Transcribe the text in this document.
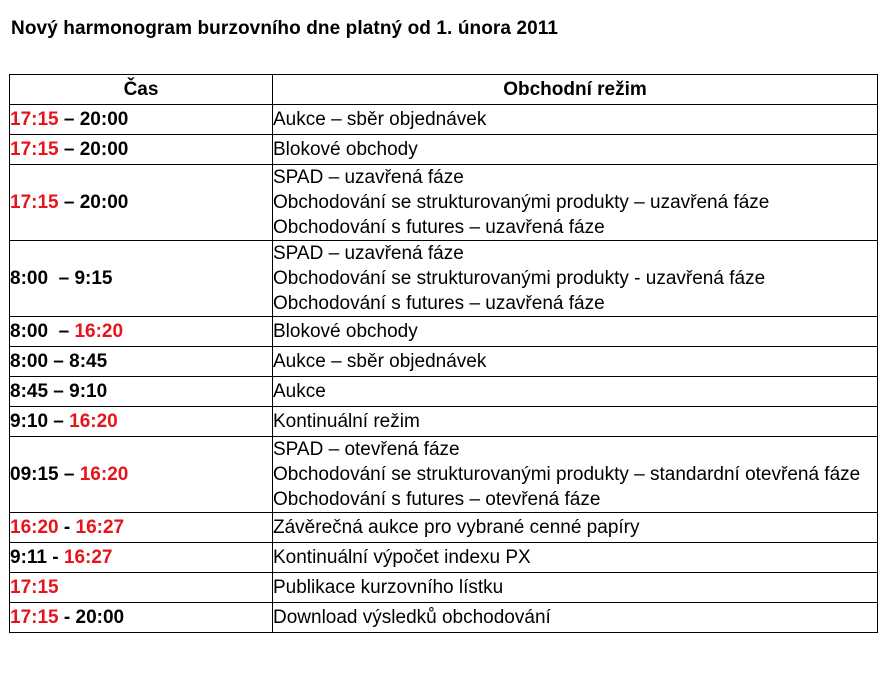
Nový harmonogram burzovního dne platný od 1. února 2011
Čas	Obchodní režim
17:15 – 20:00	Aukce – sběr objednávek

17:15 – 20:00	Blokové obchody

17:15 – 20:00	SPAD – uzavřená fáze
Obchodování se strukturovanými produkty – uzavřená fáze
Obchodování s futures – uzavřená fáze

8:00  – 9:15	SPAD – uzavřená fáze
Obchodování se strukturovanými produkty - uzavřená fáze
Obchodování s futures – uzavřená fáze

8:00  – 16:20	Blokové obchody

8:00 – 8:45	Aukce – sběr objednávek

8:45 – 9:10	Aukce

9:10 – 16:20	Kontinuální režim

09:15 – 16:20	SPAD – otevřená fáze
Obchodování se strukturovanými produkty – standardní otevřená fáze
Obchodování s futures – otevřená fáze

16:20 - 16:27	Závěrečná aukce pro vybrané cenné papíry

9:11 - 16:27	Kontinuální výpočet indexu PX

17:15	Publikace kurzovního lístku

17:15 - 20:00	Download výsledků obchodování
